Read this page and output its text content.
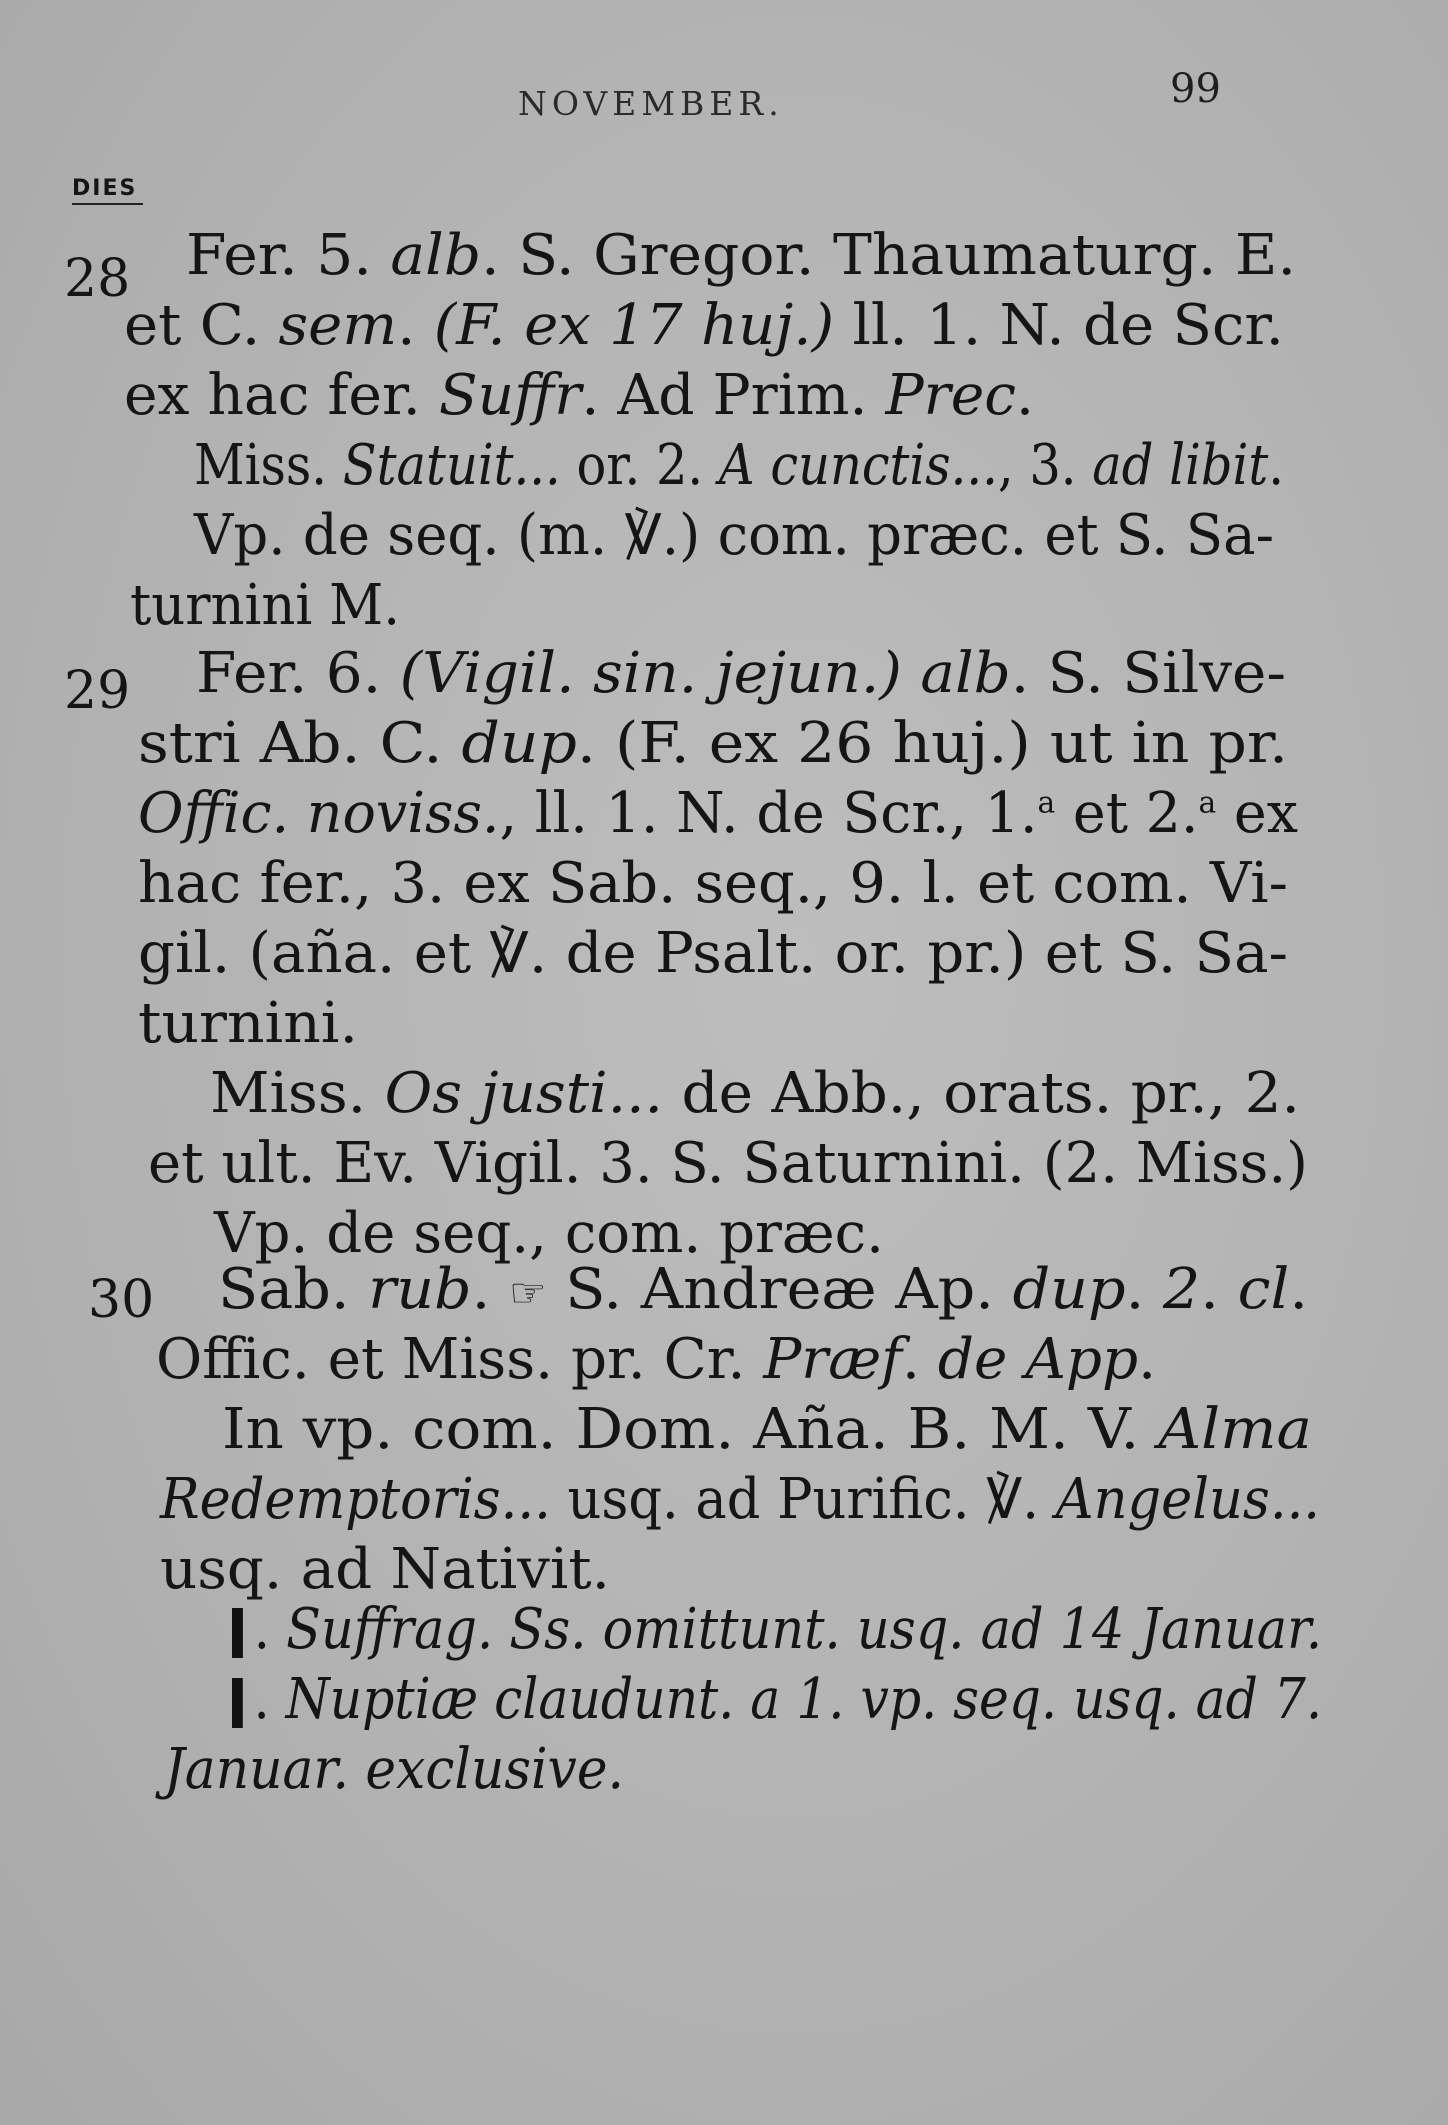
NOVEMBER.	99
DIES
28 Fer. 5. alb. S. Gregor. Thaumaturg. E.
et C. sem. (F. ex 17 huj.) ll. 1. N. de Scr.
ex hac fer. Suffr. Ad Prim. Prec.
Miss. Statuit... or. 2. A cunctis..., 3. ad libit.
Vp. de seq. (m. ℣.) com. præc. et S. Sa-
turnini M.
29 Fer. 6. (Vigil. sin. jejun.) alb. S. Silve-
stri Ab. C. dup. (F. ex 26 huj.) ut in pr.
Offic. noviss., ll. 1. N. de Scr., 1.$^a$ et 2.$^a$ ex
hac fer., 3. ex Sab. seq., 9. l. et com. Vi-
gil. (aña. et ℣. de Psalt. or. pr.) et S. Sa-
turnini.
Miss. Os justi... de Abb., orats. pr., 2.
et ult. Ev. Vigil. 3. S. Saturnini. (2. Miss.)
Vp. de seq., com. præc.
30 Sab. rub. ☞ S. Andreæ Ap. dup. 2. cl.
Offic. et Miss. pr. Cr. Præf. de App.
In vp. com. Dom. Aña. B. M. V. Alma
Redemptoris... usq. ad Purific. ℣. Angelus...
usq. ad Nativit.
. Suffrag. Ss. omittunt. usq. ad 14 Januar.
. Nuptiæ claudunt. a 1. vp. seq. usq. ad 7.
Januar. exclusive.
